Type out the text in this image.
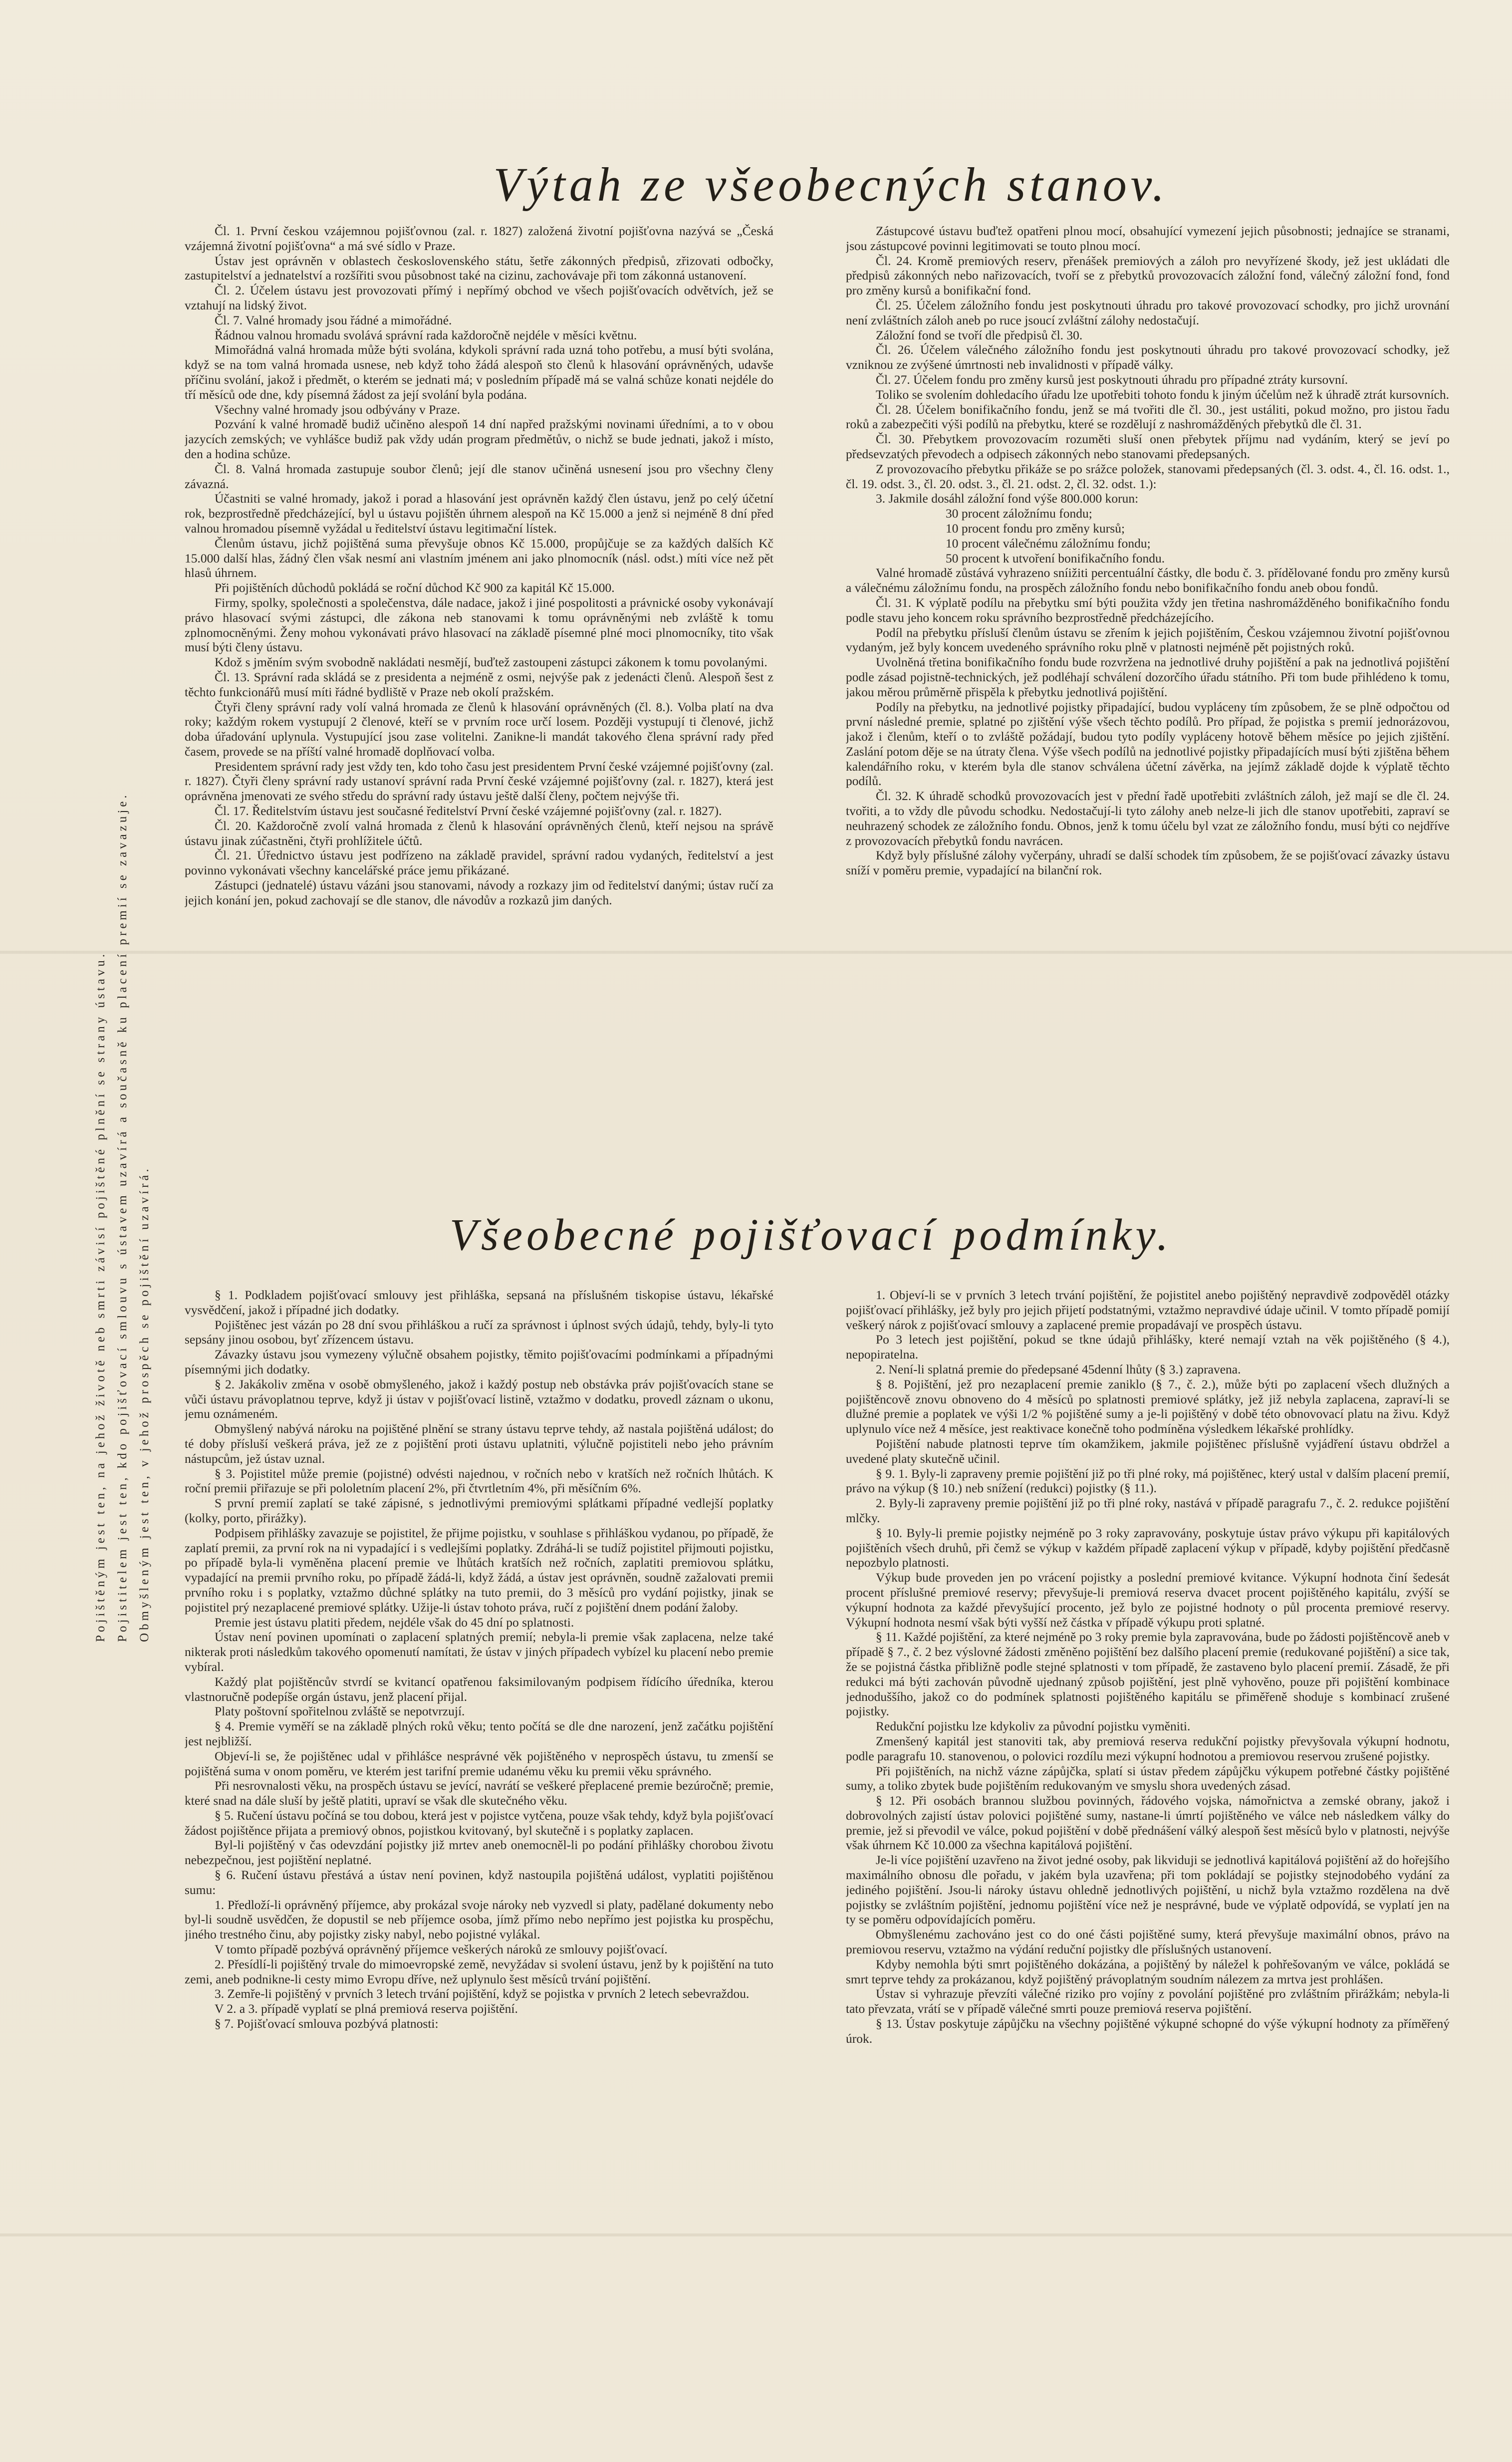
Výtah ze všeobecných stanov.

Čl. 1. První českou vzájemnou pojišťovnou (zal. r. 1827) založená životní pojišťovna nazývá se „Česká vzájemná životní pojišťovna“ a má své sídlo v Praze.

Ústav jest oprávněn v oblastech československého státu, šetře zákonných předpisů, zřizovati odbočky, zastupitelství a jednatelství a rozšířiti svou působnost také na cizinu, zachovávaje při tom zákonná ustanovení.

Čl. 2. Účelem ústavu jest provozovati přímý i nepřímý obchod ve všech pojišťovacích odvětvích, jež se vztahují na lidský život.

Čl. 7. Valné hromady jsou řádné a mimořádné.

Řádnou valnou hromadu svolává správní rada každoročně nejdéle v měsíci květnu.

Mimořádná valná hromada může býti svolána, kdykoli správní rada uzná toho potřebu, a musí býti svolána, když se na tom valná hromada usnese, neb když toho žádá alespoň sto členů k hlasování oprávněných, udavše příčinu svolání, jakož i předmět, o kterém se jednati má; v posledním případě má se valná schůze konati nejdéle do tří měsíců ode dne, kdy písemná žádost za její svolání byla podána.

Všechny valné hromady jsou odbývány v Praze.

Pozvání k valné hromadě budiž učiněno alespoň 14 dní napřed pražskými novinami úředními, a to v obou jazycích zemských; ve vyhlášce budiž pak vždy udán program předmětův, o nichž se bude jednati, jakož i místo, den a hodina schůze.

Čl. 8. Valná hromada zastupuje soubor členů; její dle stanov učiněná usnesení jsou pro všechny členy závazná.

Účastniti se valné hromady, jakož i porad a hlasování jest oprávněn každý člen ústavu, jenž po celý účetní rok, bezprostředně předcházející, byl u ústavu pojištěn úhrnem alespoň na Kč 15.000 a jenž si nejméně 8 dní před valnou hromadou písemně vyžádal u ředitelství ústavu legitimační lístek.

Členům ústavu, jichž pojištěná suma převyšuje obnos Kč 15.000, propůjčuje se za každých dalších Kč 15.000 další hlas, žádný člen však nesmí ani vlastním jménem ani jako plnomocník (násl. odst.) míti více než pět hlasů úhrnem.

Při pojištěních důchodů pokládá se roční důchod Kč 900 za kapitál Kč 15.000.

Firmy, spolky, společnosti a společenstva, dále nadace, jakož i jiné pospolitosti a právnické osoby vykonávají právo hlasovací svými zástupci, dle zákona neb stanovami k tomu oprávněnými neb zvláště k tomu zplnomocněnými. Ženy mohou vykonávati právo hlasovací na základě písemné plné moci plnomocníky, tito však musí býti členy ústavu.

Kdož s jměním svým svobodně nakládati nesmějí, buďtež zastoupeni zástupci zákonem k tomu povolanými.

Čl. 13. Správní rada skládá se z presidenta a nejméně z osmi, nejvýše pak z jedenácti členů. Alespoň šest z těchto funkcionářů musí míti řádné bydliště v Praze neb okolí pražském.

Čtyři členy správní rady volí valná hromada ze členů k hlasování oprávněných (čl. 8.). Volba platí na dva roky; každým rokem vystupují 2 členové, kteří se v prvním roce určí losem. Později vystupují ti členové, jichž doba úřadování uplynula. Vystupující jsou zase volitelni. Zanikne-li mandát takového člena správní rady před časem, provede se na příští valné hromadě doplňovací volba.

Presidentem správní rady jest vždy ten, kdo toho času jest presidentem První české vzájemné pojišťovny (zal. r. 1827). Čtyři členy správní rady ustanoví správní rada První české vzájemné pojišťovny (zal. r. 1827), která jest oprávněna jmenovati ze svého středu do správní rady ústavu ještě další členy, počtem nejvýše tři.

Čl. 17. Ředitelstvím ústavu jest současné ředitelství První české vzájemné pojišťovny (zal. r. 1827).

Čl. 20. Každoročně zvolí valná hromada z členů k hlasování oprávněných členů, kteří nejsou na správě ústavu jinak zúčastněni, čtyři prohlížitele účtů.

Čl. 21. Úřednictvo ústavu jest podřízeno na základě pravidel, správní radou vydaných, ředitelství a jest povinno vykonávati všechny kancelářské práce jemu přikázané.

Zástupci (jednatelé) ústavu vázáni jsou stanovami, návody a rozkazy jim od ředitelství danými; ústav ručí za jejich konání jen, pokud zachovají se dle stanov, dle návodův a rozkazů jim daných.

Zástupcové ústavu buďtež opatřeni plnou mocí, obsahující vymezení jejich působnosti; jednajíce se stranami, jsou zástupcové povinni legitimovati se touto plnou mocí.

Čl. 24. Kromě premiových reserv, přenášek premiových a záloh pro nevyřízené škody, jež jest ukládati dle předpisů zákonných nebo nařizovacích, tvoří se z přebytků provozovacích záložní fond, válečný záložní fond, fond pro změny kursů a bonifikační fond.

Čl. 25. Účelem záložního fondu jest poskytnouti úhradu pro takové provozovací schodky, pro jichž urovnání není zvláštních záloh aneb po ruce jsoucí zvláštní zálohy nedostačují.

Záložní fond se tvoří dle předpisů čl. 30.

Čl. 26. Účelem válečného záložního fondu jest poskytnouti úhradu pro takové provozovací schodky, jež vzniknou ze zvýšené úmrtnosti neb invalidnosti v případě války.

Čl. 27. Účelem fondu pro změny kursů jest poskytnouti úhradu pro případné ztráty kursovní.

Toliko se svolením dohledacího úřadu lze upotřebiti tohoto fondu k jiným účelům než k úhradě ztrát kursovních.

Čl. 28. Účelem bonifikačního fondu, jenž se má tvořiti dle čl. 30., jest ustáliti, pokud možno, pro jistou řadu roků a zabezpečiti výši podílů na přebytku, které se rozdělují z nashromážděných přebytků dle čl. 31.

Čl. 30. Přebytkem provozovacím rozuměti sluší onen přebytek příjmu nad vydáním, který se jeví po předsevzatých převodech a odpisech zákonných nebo stanovami předepsaných.

Z provozovacího přebytku přikáže se po srážce položek, stanovami předepsaných (čl. 3. odst. 4., čl. 16. odst. 1., čl. 19. odst. 3., čl. 20. odst. 3., čl. 21. odst. 2, čl. 32. odst. 1.):

3. Jakmile dosáhl záložní fond výše 800.000 korun:

30 procent záložnímu fondu;

10 procent fondu pro změny kursů;

10 procent válečnému záložnímu fondu;

50 procent k utvoření bonifikačního fondu.

Valné hromadě zůstává vyhrazeno sníižiti percentuální částky, dle bodu č. 3. přídělované fondu pro změny kursů a válečnému záložnímu fondu, na prospěch záložního fondu nebo bonifikačního fondu aneb obou fondů.

Čl. 31. K výplatě podílu na přebytku smí býti použita vždy jen třetina nashromážděného bonifikačního fondu podle stavu jeho koncem roku správního bezprostředně předcházejícího.

Podíl na přebytku přísluší členům ústavu se zřením k jejich pojištěním, Českou vzájemnou životní pojišťovnou vydaným, jež byly koncem uvedeného správního roku plně v platnosti nejméně pět pojistných roků.

Uvolněná třetina bonifikačního fondu bude rozvržena na jednotlivé druhy pojištění a pak na jednotlivá pojištění podle zásad pojistně-technických, jež podléhají schválení dozorčího úřadu státního. Při tom bude přihlédeno k tomu, jakou měrou průměrně přispěla k přebytku jednotlivá pojištění.

Podíly na přebytku, na jednotlivé pojistky připadající, budou vypláceny tím způsobem, že se plně odpočtou od první následné premie, splatné po zjištění výše všech těchto podílů. Pro případ, že pojistka s premií jednorázovou, jakož i členům, kteří o to zvláště požádají, budou tyto podíly vypláceny hotově během měsíce po jejich zjištění. Zaslání potom děje se na útraty člena. Výše všech podílů na jednotlivé pojistky připadajících musí býti zjištěna během kalendářního roku, v kterém byla dle stanov schválena účetní závěrka, na jejímž základě dojde k výplatě těchto podílů.

Čl. 32. K úhradě schodků provozovacích jest v přední řadě upotřebiti zvláštních záloh, jež mají se dle čl. 24. tvořiti, a to vždy dle původu schodku. Nedostačují-li tyto zálohy aneb nelze-li jich dle stanov upotřebiti, zapraví se neuhrazený schodek ze záložního fondu. Obnos, jenž k tomu účelu byl vzat ze záložního fondu, musí býti co nejdříve z provozovacích přebytků fondu navrácen.

Když byly příslušné zálohy vyčerpány, uhradí se další schodek tím způsobem, že se pojišťovací závazky ústavu sníží v poměru premie, vypadající na bilanční rok.

Všeobecné pojišťovací podmínky.

§ 1. Podkladem pojišťovací smlouvy jest přihláška, sepsaná na příslušném tiskopise ústavu, lékařské vysvědčení, jakož i případné jich dodatky.

Pojištěnec jest vázán po 28 dní svou přihláškou a ručí za správnost i úplnost svých údajů, tehdy, byly-li tyto sepsány jinou osobou, byť zřízencem ústavu.

Závazky ústavu jsou vymezeny výlučně obsahem pojistky, těmito pojišťovacími podmínkami a případnými písemnými jich dodatky.

§ 2. Jakákoliv změna v osobě obmyšleného, jakož i každý postup neb obstávka práv pojišťovacích stane se vůči ústavu právoplatnou teprve, když ji ústav v pojišťovací listině, vztažmo v dodatku, provedl záznam o ukonu, jemu oznámeném.

Obmyšlený nabývá nároku na pojištěné plnění se strany ústavu teprve tehdy, až nastala pojištěná událost; do té doby přísluší veškerá práva, jež ze z pojištění proti ústavu uplatniti, výlučně pojistiteli nebo jeho právním nástupcům, jež ústav uznal.

§ 3. Pojistitel může premie (pojistné) odvésti najednou, v ročních nebo v kratších než ročních lhůtách. K roční premii přiřazuje se při pololetním placení 2%, při čtvrtletním 4%, při měsíčním 6%.

S první premií zaplatí se také zápisné, s jednotlivými premiovými splátkami případné vedlejší poplatky (kolky, porto, přirážky).

Podpisem přihlášky zavazuje se pojistitel, že přijme pojistku, v souhlase s přihláškou vydanou, po případě, že zaplatí premii, za první rok na ni vypadající i s vedlejšími poplatky. Zdráhá-li se tudíž pojistitel přijmouti pojistku, po případě byla-li vyměněna placení premie ve lhůtách kratších než ročních, zaplatiti premiovou splátku, vypadající na premii prvního roku, po případě žádá-li, když žádá, a ústav jest oprávněn, soudně zažalovati premii prvního roku i s poplatky, vztažmo důchné splátky na tuto premii, do 3 měsíců pro vydání pojistky, jinak se pojistitel prý nezaplacené premiové splátky. Užije-li ústav tohoto práva, ručí z pojištění dnem podání žaloby.

Premie jest ústavu platiti předem, nejdéle však do 45 dní po splatnosti.

Ústav není povinen upomínati o zaplacení splatných premií; nebyla-li premie však zaplacena, nelze také nikterak proti následkům takového opomenutí namítati, že ústav v jiných případech vybízel ku placení nebo premie vybíral.

Každý plat pojištěncův stvrdí se kvitancí opatřenou faksimilovaným podpisem řídícího úředníka, kterou vlastnoručně podepíše orgán ústavu, jenž placení přijal.

Platy poštovní spořitelnou zvláště se nepotvrzují.

§ 4. Premie vyměří se na základě plných roků věku; tento počítá se dle dne narození, jenž začátku pojištění jest nejbližší.

Objeví-li se, že pojištěnec udal v přihlášce nesprávné věk pojištěného v neprospěch ústavu, tu zmenší se pojištěná suma v onom poměru, ve kterém jest tarifní premie udanému věku ku premii věku správného.

Při nesrovnalosti věku, na prospěch ústavu se jevící, navrátí se veškeré přeplacené premie bezúročně; premie, které snad na dále sluší by ještě platiti, upraví se však dle skutečného věku.

§ 5. Ručení ústavu počíná se tou dobou, která jest v pojistce vytčena, pouze však tehdy, když byla pojišťovací žádost pojištěnce přijata a premiový obnos, pojistkou kvitovaný, byl skutečně i s poplatky zaplacen.

Byl-li pojištěný v čas odevzdání pojistky již mrtev aneb onemocněl-li po podání přihlášky chorobou životu nebezpečnou, jest pojištění neplatné.

§ 6. Ručení ústavu přestává a ústav není povinen, když nastoupila pojištěná událost, vyplatiti pojištěnou sumu:

1. Předloží-li oprávněný příjemce, aby prokázal svoje nároky neb vyzvedl si platy, padělané dokumenty nebo byl-li soudně usvědčen, že dopustil se neb příjemce osoba, jímž přímo nebo nepřímo jest pojistka ku prospěchu, jiného trestného činu, aby pojistky zisky nabyl, nebo pojistné vylákal.

V tomto případě pozbývá oprávněný příjemce veškerých nároků ze smlouvy pojišťovací.

2. Přesídlí-li pojištěný trvale do mimoevropské země, nevyžádav si svolení ústavu, jenž by k pojištění na tuto zemi, aneb podnikne-li cesty mimo Evropu dříve, než uplynulo šest měsíců trvání pojištění.

3. Zemře-li pojištěný v prvních 3 letech trvání pojištění, když se pojistka v prvních 2 letech sebevraždou.

V 2. a 3. případě vyplatí se plná premiová reserva pojištění.

§ 7. Pojišťovací smlouva pozbývá platnosti:

1. Objeví-li se v prvních 3 letech trvání pojištění, že pojistitel anebo pojištěný nepravdivě zodpověděl otázky pojišťovací přihlášky, jež byly pro jejich přijetí podstatnými, vztažmo nepravdivé údaje učinil. V tomto případě pomijí veškerý nárok z pojišťovací smlouvy a zaplacené premie propadávají ve prospěch ústavu.

Po 3 letech jest pojištění, pokud se tkne údajů přihlášky, které nemají vztah na věk pojištěného (§ 4.), nepopiratelna.

2. Není-li splatná premie do předepsané 45denní lhůty (§ 3.) zapravena.

§ 8. Pojištění, jež pro nezaplacení premie zaniklo (§ 7., č. 2.), může býti po zaplacení všech dlužných a pojištěncově znovu obnoveno do 4 měsíců po splatnosti premiové splátky, jež již nebyla zaplacena, zapraví-li se dlužné premie a poplatek ve výši 1/2 % pojištěné sumy a je-li pojištěný v době této obnovovací platu na živu. Když uplynulo více než 4 měsíce, jest reaktivace konečně toho podmíněna výsledkem lékařské prohlídky.

Pojištění nabude platnosti teprve tím okamžikem, jakmile pojištěnec příslušně vyjádření ústavu obdržel a uvedené platy skutečně učinil.

§ 9. 1. Byly-li zapraveny premie pojištění již po tři plné roky, má pojištěnec, který ustal v dalším placení premií, právo na výkup (§ 10.) neb snížení (redukci) pojistky (§ 11.).

2. Byly-li zapraveny premie pojištění již po tři plné roky, nastává v případě paragrafu 7., č. 2. redukce pojištění mlčky.

§ 10. Byly-li premie pojistky nejméně po 3 roky zapravovány, poskytuje ústav právo výkupu při kapitálových pojištěních všech druhů, při čemž se výkup v každém případě zaplacení výkup v případě, kdyby pojištění předčasně nepozbylo platnosti.

Výkup bude proveden jen po vrácení pojistky a poslední premiové kvitance. Výkupní hodnota činí šedesát procent příslušné premiové reservy; převyšuje-li premiová reserva dvacet procent pojištěného kapitálu, zvýší se výkupní hodnota za každé převyšující procento, jež bylo ze pojistné hodnoty o půl procenta premiové reservy. Výkupní hodnota nesmí však býti vyšší než částka v případě výkupu proti splatné.

§ 11. Každé pojištění, za které nejméně po 3 roky premie byla zapravována, bude po žádosti pojištěncově aneb v případě § 7., č. 2 bez výslovné žádosti změněno pojištění bez dalšího placení premie (redukované pojištění) a sice tak, že se pojistná částka přibližně podle stejné splatnosti v tom případě, že zastaveno bylo placení premií. Zásadě, že při redukci má býti zachován původně ujednaný způsob pojištění, jest plně vyhověno, pouze při pojištění kombinace jednoduššího, jakož co do podmínek splatnosti pojištěného kapitálu se přiměřeně shoduje s kombinací zrušené pojistky.

Redukční pojistku lze kdykoliv za původní pojistku vyměniti.

Zmenšený kapitál jest stanoviti tak, aby premiová reserva redukční pojistky převyšovala výkupní hodnotu, podle paragrafu 10. stanovenou, o polovici rozdílu mezi výkupní hodnotou a premiovou reservou zrušené pojistky.

Při pojištěních, na nichž vázne zápůjčka, splatí si ústav předem zápůjčku výkupem potřebné částky pojištěné sumy, a toliko zbytek bude pojištěním redukovaným ve smyslu shora uvedených zásad.

§ 12. Při osobách brannou službou povinných, řádového vojska, námořnictva a zemské obrany, jakož i dobrovolných zajistí ústav polovici pojištěné sumy, nastane-li úmrtí pojištěného ve válce neb následkem války do premie, jež si převodil ve válce, pokud pojištění v době přednášení válký alespoň šest měsíců bylo v platnosti, nejvýše však úhrnem Kč 10.000 za všechna kapitálová pojištění.

Je-li více pojištění uzavřeno na život jedné osoby, pak likviduji se jednotlivá kapitálová pojištění až do hořejšího maximálního obnosu dle pořadu, v jakém byla uzavřena; při tom pokládají se pojistky stejnodobého vydání za jediného pojištění. Jsou-li nároky ústavu ohledně jednotlivých pojištění, u nichž byla vztažmo rozdělena na dvě pojistky se zvláštním pojištění, jednomu pojištění více než je nesprávné, bude ve výplatě odpovídá, se vyplatí jen na ty se poměru odpovídajících poměru.

Obmyšlenému zachováno jest co do oné části pojištěné sumy, která převyšuje maximální obnos, právo na premiovou reservu, vztažmo na výdání reduční pojistky dle příslušných ustanovení.

Kdyby nemohla býti smrt pojištěného dokázána, a pojištěný by náležel k pohřešovaným ve válce, pokládá se smrt teprve tehdy za prokázanou, když pojištěný právoplatným soudním nálezem za mrtva jest prohlášen.

Ústav si vyhrazuje převzíti válečné riziko pro vojíny z povolání pojištěné pro zvláštním přirážkám; nebyla-li tato převzata, vrátí se v případě válečné smrti pouze premiová reserva pojištění.

§ 13. Ústav poskytuje zápůjčku na všechny pojištěné výkupné schopné do výše výkupní hodnoty za příměřený úrok.

Pojištěným jest ten, na jehož životě neb smrti závisí pojištěné plnění se strany ústavu. Pojistitelem jest ten, kdo pojišťovací smlouvu s ústavem uzavírá a současně ku placení premií se zavazuje. Obmyšleným jest ten, v jehož prospěch se pojištění uzavírá.
